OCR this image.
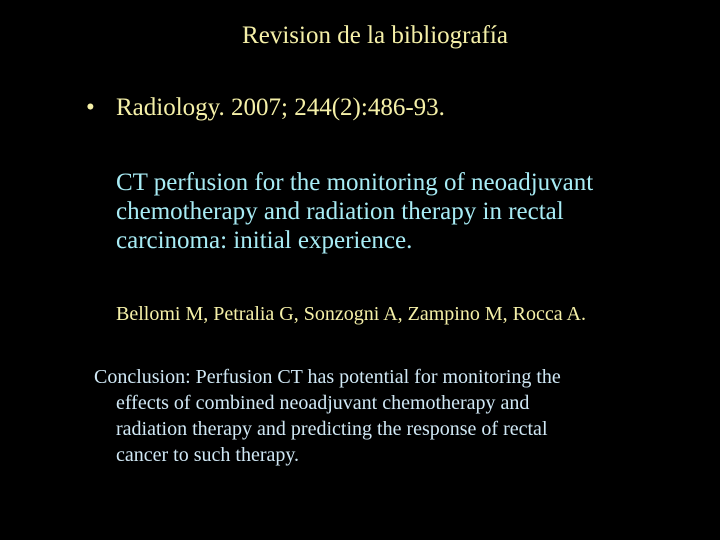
Revision de la bibliografía
• Radiology. 2007; 244(2):486-93.

CT perfusion for the monitoring of neoadjuvant chemotherapy and radiation therapy in rectal carcinoma: initial experience.

Bellomi M, Petralia G, Sonzogni A, Zampino M, Rocca A.
Conclusion: Perfusion CT has potential for monitoring the
effects of combined neoadjuvant chemotherapy and
radiation therapy and predicting the response of rectal
cancer to such therapy.
